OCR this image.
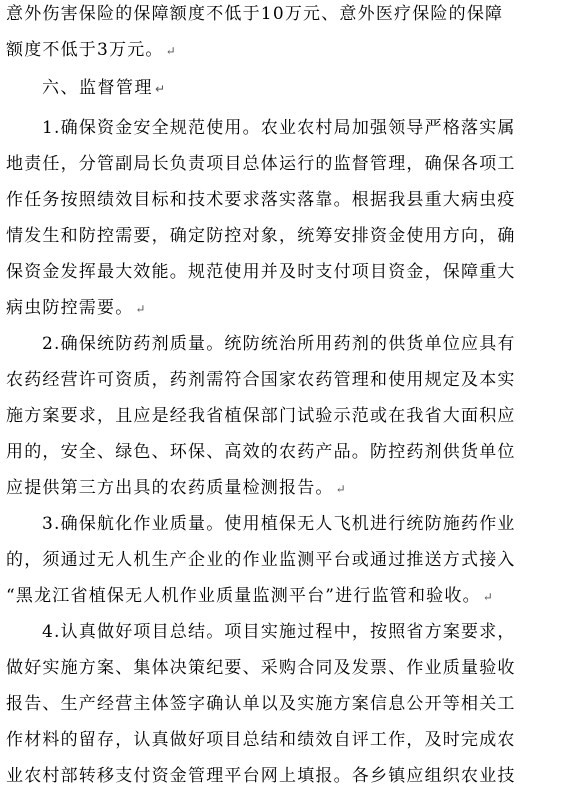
意外伤害保险的保障额度不低于10万元、意外医疗保险的保障
额度不低于3万元。 ↵
六、监督管理 ↵
1.确保资金安全规范使用。农业农村局加强领导严格落实属
地责任，分管副局长负责项目总体运行的监督管理，确保各项工
作任务按照绩效目标和技术要求落实落靠。根据我县重大病虫疫
情发生和防控需要，确定防控对象，统筹安排资金使用方向，确
保资金发挥最大效能。规范使用并及时支付项目资金，保障重大
病虫防控需要。 ↵
2.确保统防药剂质量。统防统治所用药剂的供货单位应具有
农药经营许可资质，药剂需符合国家农药管理和使用规定及本实
施方案要求，且应是经我省植保部门试验示范或在我省大面积应
用的，安全、绿色、环保、高效的农药产品。防控药剂供货单位
应提供第三方出具的农药质量检测报告。 ↵
3.确保航化作业质量。使用植保无人飞机进行统防施药作业
的，须通过无人机生产企业的作业监测平台或通过推送方式接入
“黑龙江省植保无人机作业质量监测平台”进行监管和验收。 ↵
4.认真做好项目总结。项目实施过程中，按照省方案要求，
做好实施方案、集体决策纪要、采购合同及发票、作业质量验收
报告、生产经营主体签字确认单以及实施方案信息公开等相关工
作材料的留存，认真做好项目总结和绩效自评工作，及时完成农
业农村部转移支付资金管理平台网上填报。各乡镇应组织农业技
